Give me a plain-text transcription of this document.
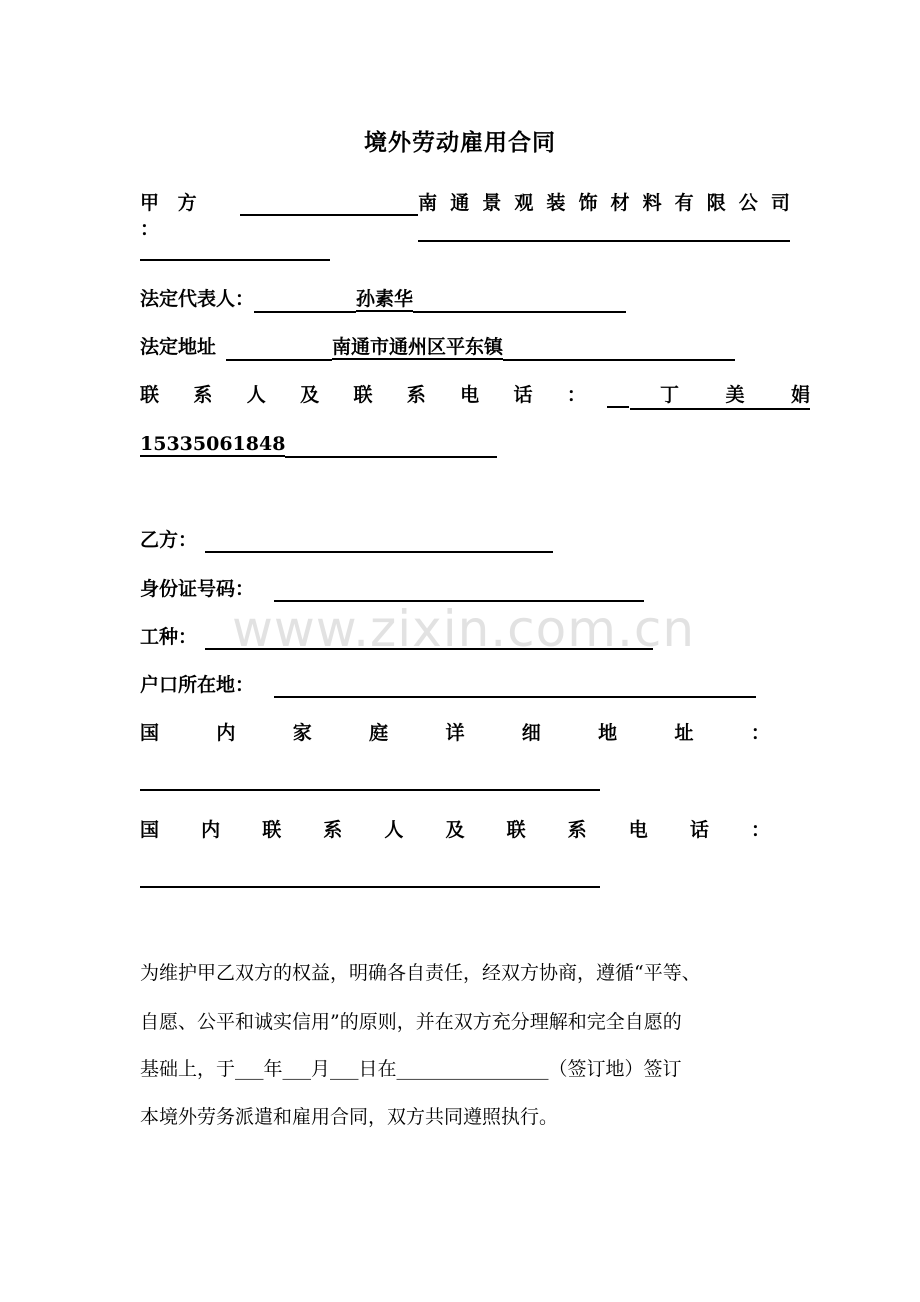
境外劳动雇用合同
甲 方 ：
南 通 景 观 装 饰 材 料 有 限 公 司
法定代表人：	孙素华
法定地址	南通市通州区平东镇
联 系 人 及 联 系 电 话 ：	丁 美 娟
15335061848
乙方：
身份证号码：
工种：
户口所在地：
国	内	家	庭	详	细	地	址	：
国 内 联 系 人 及 联 系 电 话 ：
为维护甲乙双方的权益，明确各自责任，经双方协商，遵循“平等、
自愿、公平和诚实信用”的原则，并在双方充分理解和完全自愿的
基础上，于___年___月___日在________________（签订地）签订
本境外劳务派遣和雇用合同，双方共同遵照执行。
www.zixin.com.cn
